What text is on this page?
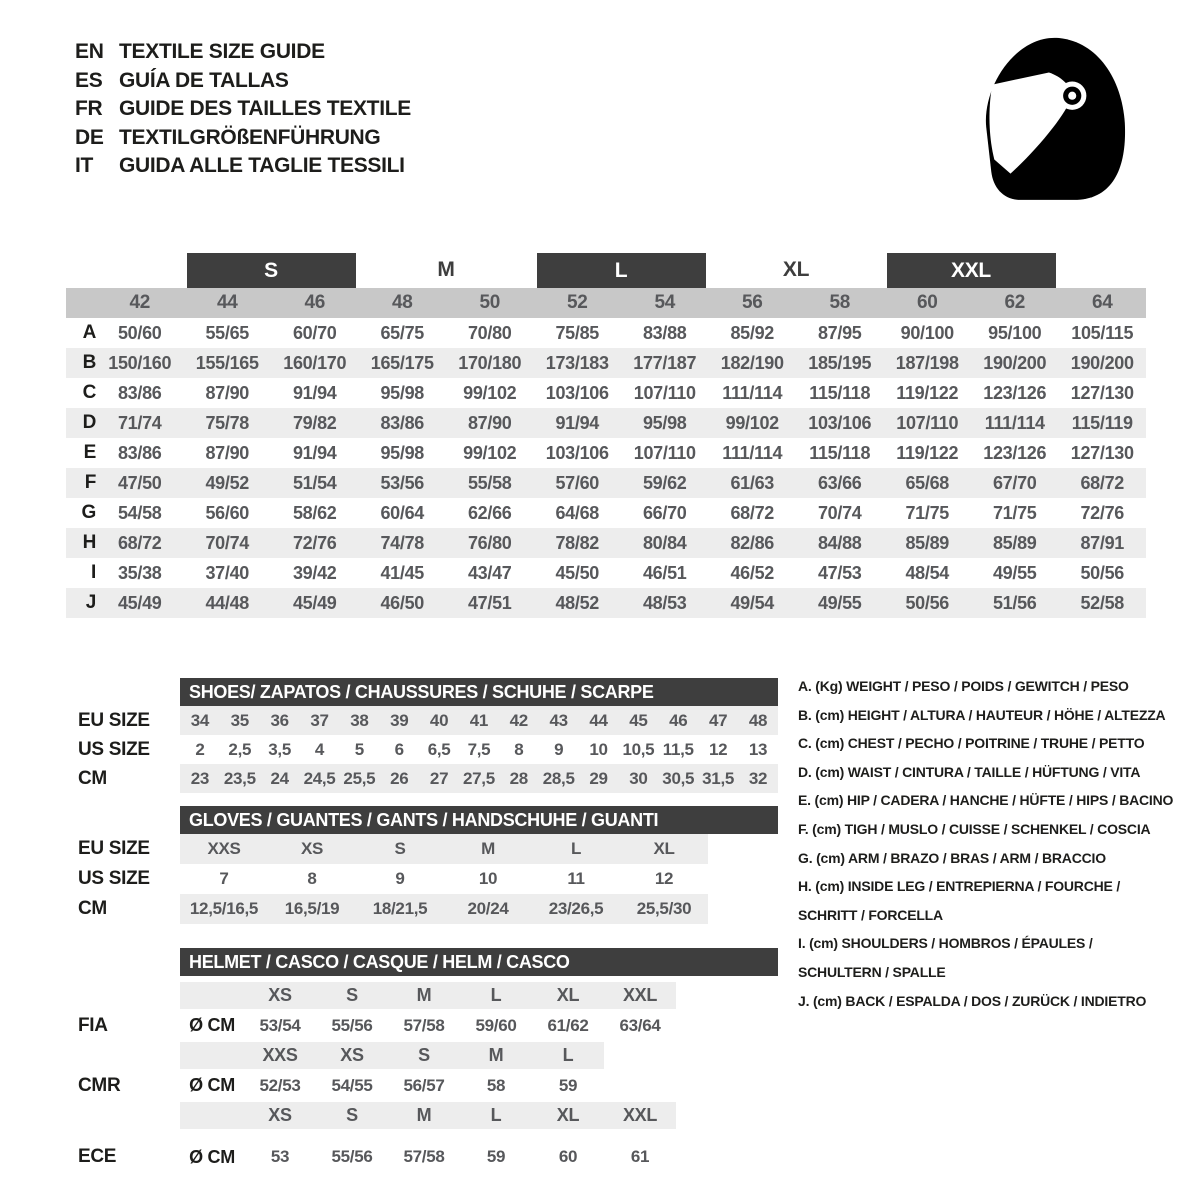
EN TEXTILE SIZE GUIDE
ES GUÍA DE TALLAS
FR GUIDE DES TAILLES TEXTILE
DE TEXTILGRÖßENFÜHRUNG
IT	GUIDA ALLE TAGLIE TESSILI

		S		M		L		XL		XXL		

	42	44	46	48	50	52	54	56	58	60	62	64
A	50/60	55/65	60/70	65/75	70/80	75/85	83/88	85/92	87/95	90/100	95/100	105/115
B	150/160	155/165	160/170	165/175	170/180	173/183	177/187	182/190	185/195	187/198	190/200	190/200
C	83/86	87/90	91/94	95/98	99/102	103/106	107/110	111/114	115/118	119/122	123/126	127/130
D	71/74	75/78	79/82	83/86	87/90	91/94	95/98	99/102	103/106	107/110	111/114	115/119
E	83/86	87/90	91/94	95/98	99/102	103/106	107/110	111/114	115/118	119/122	123/126	127/130
F	47/50	49/52	51/54	53/56	55/58	57/60	59/62	61/63	63/66	65/68	67/70	68/72
G	54/58	56/60	58/62	60/64	62/66	64/68	66/70	68/72	70/74	71/75	71/75	72/76
H	68/72	70/74	72/76	74/78	76/80	78/82	80/84	82/86	84/88	85/89	85/89	87/91
I	35/38	37/40	39/42	41/45	43/47	45/50	46/51	46/52	47/53	48/54	49/55	50/56
J	45/49	44/48	45/49	46/50	47/51	48/52	48/53	49/54	49/55	50/56	51/56	52/58
SHOES/ ZAPATOS / CHAUSSURES / SCHUHE / SCARPE
EU SIZE	34	35	36	37	38	39	40	41	42	43	44	45	46	47	48
US SIZE	2	2,5	3,5	4	5	6	6,5	7,5	8	9	10	10,5	11,5	12	13
CM	23	23,5	24	24,5	25,5	26	27	27,5	28	28,5	29	30	30,5	31,5	32
GLOVES / GUANTES / GANTS / HANDSCHUHE / GUANTI
EU SIZE	XXS	XS	S	M	L	XL
US SIZE	7	8	9	10	11	12
CM	12,5/16,5	16,5/19	18/21,5	20/24	23/26,5	25,5/30
HELMET / CASCO / CASQUE / HELM / CASCO
		XS	S	M	L	XL	XXL
FIA	Ø CM	53/54	55/56	57/58	59/60	61/62	63/64
		XXS	XS	S	M	L	
CMR	Ø CM	52/53	54/55	56/57	58	59	
		XS	S	M	L	XL	XXL
ECE	Ø CM	53	55/56	57/58	59	60	61
A. (Kg) WEIGHT / PESO / POIDS / GEWITCH / PESO
B. (cm) HEIGHT / ALTURA / HAUTEUR / HÖHE / ALTEZZA
C. (cm) CHEST / PECHO / POITRINE / TRUHE / PETTO
D. (cm) WAIST / CINTURA / TAILLE / HÜFTUNG / VITA
E. (cm) HIP / CADERA / HANCHE / HÜFTE / HIPS / BACINO
F. (cm) TIGH / MUSLO / CUISSE / SCHENKEL / COSCIA
G. (cm) ARM / BRAZO / BRAS / ARM / BRACCIO
H. (cm) INSIDE LEG / ENTREPIERNA / FOURCHE /
SCHRITT / FORCELLA
I. (cm) SHOULDERS / HOMBROS / ÉPAULES /
SCHULTERN / SPALLE
J. (cm) BACK / ESPALDA / DOS / ZURÜCK / INDIETRO
